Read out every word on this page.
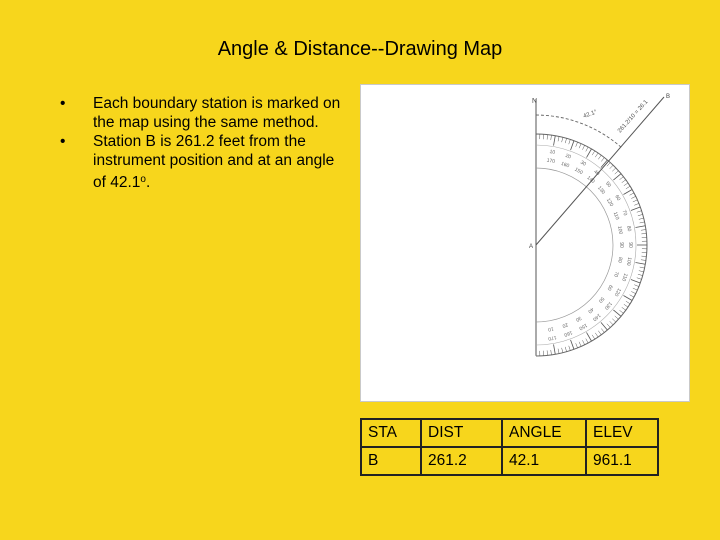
Angle & Distance--Drawing Map
• Each boundary station is marked on the map using the same method.
• Station B is 261.2 feet from the instrument position and at an angle of 42.1$^o$.
N
B
42.1°	261.2/10 = 26.1
A
10
170
20
160 30
150 40
140 50
130
60
120
70
110
80
100
90
90
100
80
110
70
120
60
130
50
140
40
150
30
160
20
170
10
STA	DIST	ANGLE	ELEV
B	261.2	42.1	961.1
